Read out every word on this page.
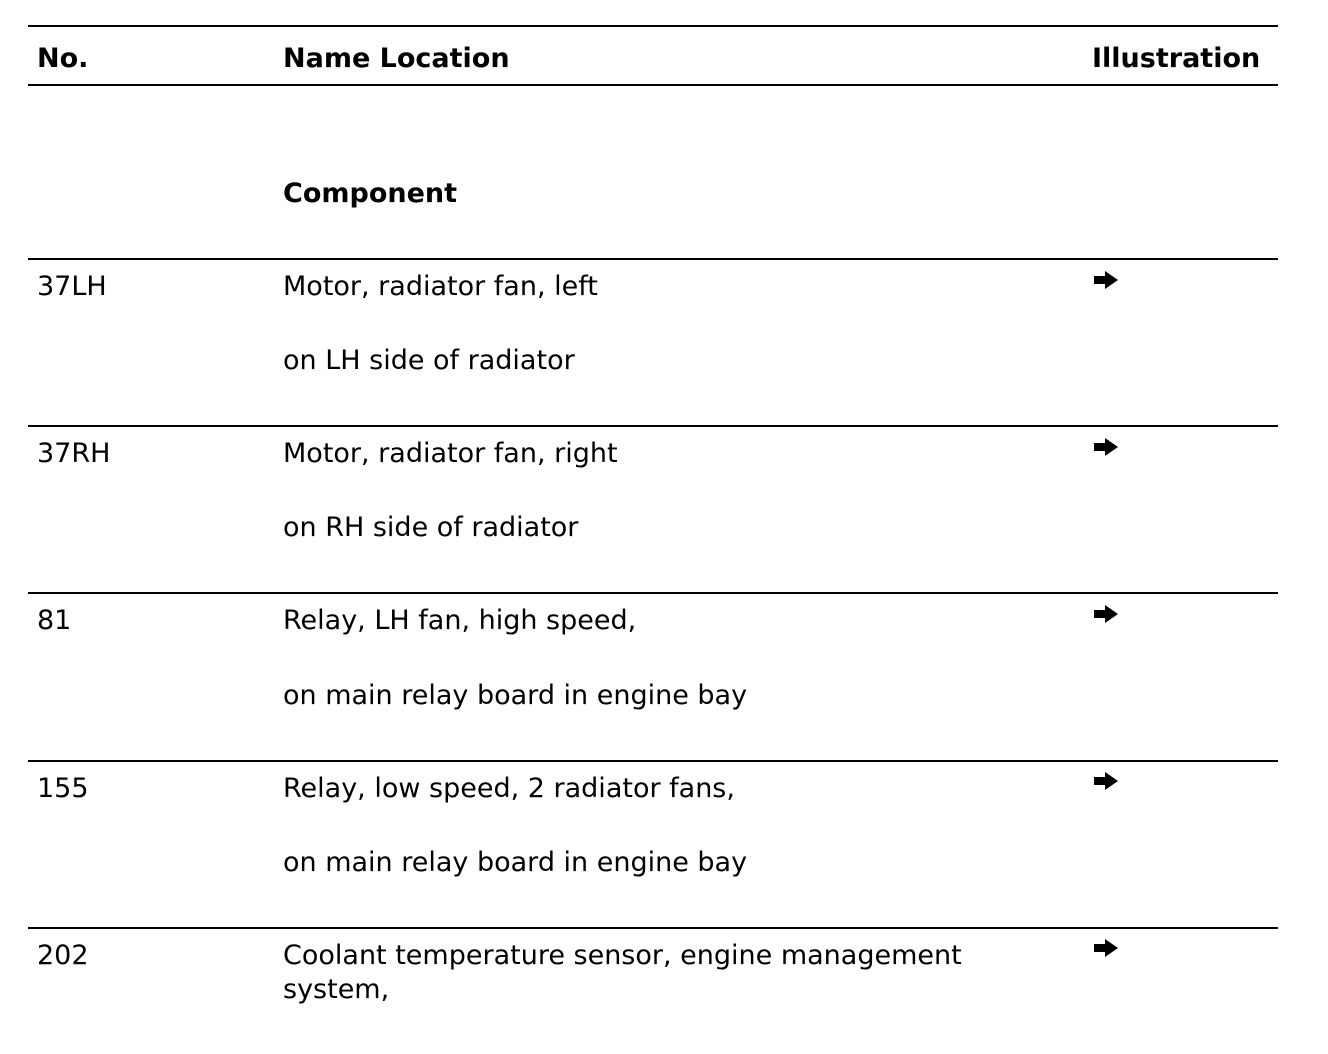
No.	Name Location	Illustration
Component
37LH	Motor, radiator fan, left
on LH side of radiator
37RH	Motor, radiator fan, right
on RH side of radiator
81	Relay, LH fan, high speed,
on main relay board in engine bay
155	Relay, low speed, 2 radiator fans,
on main relay board in engine bay
202	Coolant temperature sensor, engine management system,
